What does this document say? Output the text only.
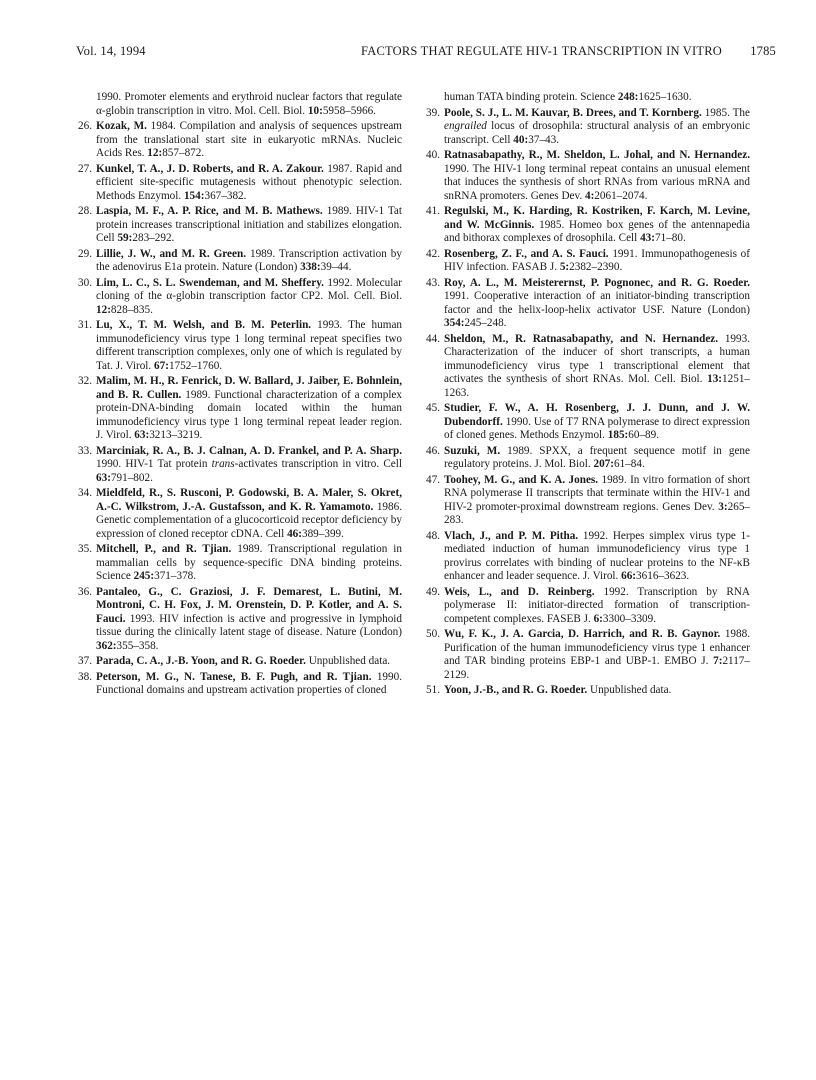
Vol. 14, 1994	FACTORS THAT REGULATE HIV-1 TRANSCRIPTION IN VITRO 1785
1990. Promoter elements and erythroid nuclear factors that regulate α-globin transcription in vitro. Mol. Cell. Biol. 10:5958–5966.
26. Kozak, M. 1984. Compilation and analysis of sequences upstream from the translational start site in eukaryotic mRNAs. Nucleic Acids Res. 12:857–872.
27. Kunkel, T. A., J. D. Roberts, and R. A. Zakour. 1987. Rapid and efficient site-specific mutagenesis without phenotypic selection. Methods Enzymol. 154:367–382.
28. Laspia, M. F., A. P. Rice, and M. B. Mathews. 1989. HIV-1 Tat protein increases transcriptional initiation and stabilizes elongation. Cell 59:283–292.
29. Lillie, J. W., and M. R. Green. 1989. Transcription activation by the adenovirus E1a protein. Nature (London) 338:39–44.
30. Lim, L. C., S. L. Swendeman, and M. Sheffery. 1992. Molecular cloning of the α-globin transcription factor CP2. Mol. Cell. Biol. 12:828–835.
31. Lu, X., T. M. Welsh, and B. M. Peterlin. 1993. The human immunodeficiency virus type 1 long terminal repeat specifies two different transcription complexes, only one of which is regulated by Tat. J. Virol. 67:1752–1760.
32. Malim, M. H., R. Fenrick, D. W. Ballard, J. Jaiber, E. Bohnlein, and B. R. Cullen. 1989. Functional characterization of a complex protein-DNA-binding domain located within the human immunodeficiency virus type 1 long terminal repeat leader region. J. Virol. 63:3213–3219.
33. Marciniak, R. A., B. J. Calnan, A. D. Frankel, and P. A. Sharp. 1990. HIV-1 Tat protein trans-activates transcription in vitro. Cell 63:791–802.
34. Mieldfeld, R., S. Rusconi, P. Godowski, B. A. Maler, S. Okret, A.-C. Wilkstrom, J.-A. Gustafsson, and K. R. Yamamoto. 1986. Genetic complementation of a glucocorticoid receptor deficiency by expression of cloned receptor cDNA. Cell 46:389–399.
35. Mitchell, P., and R. Tjian. 1989. Transcriptional regulation in mammalian cells by sequence-specific DNA binding proteins. Science 245:371–378.
36. Pantaleo, G., C. Graziosi, J. F. Demarest, L. Butini, M. Montroni, C. H. Fox, J. M. Orenstein, D. P. Kotler, and A. S. Fauci. 1993. HIV infection is active and progressive in lymphoid tissue during the clinically latent stage of disease. Nature (London) 362:355–358.
37. Parada, C. A., J.-B. Yoon, and R. G. Roeder. Unpublished data.
38. Peterson, M. G., N. Tanese, B. F. Pugh, and R. Tjian. 1990. Functional domains and upstream activation properties of cloned
human TATA binding protein. Science 248:1625–1630.
39. Poole, S. J., L. M. Kauvar, B. Drees, and T. Kornberg. 1985. The engrailed locus of drosophila: structural analysis of an embryonic transcript. Cell 40:37–43.
40. Ratnasabapathy, R., M. Sheldon, L. Johal, and N. Hernandez. 1990. The HIV-1 long terminal repeat contains an unusual element that induces the synthesis of short RNAs from various mRNA and snRNA promoters. Genes Dev. 4:2061–2074.
41. Regulski, M., K. Harding, R. Kostriken, F. Karch, M. Levine, and W. McGinnis. 1985. Homeo box genes of the antennapedia and bithorax complexes of drosophila. Cell 43:71–80.
42. Rosenberg, Z. F., and A. S. Fauci. 1991. Immunopathogenesis of HIV infection. FASAB J. 5:2382–2390.
43. Roy, A. L., M. Meisterernst, P. Pognonec, and R. G. Roeder. 1991. Cooperative interaction of an initiator-binding transcription factor and the helix-loop-helix activator USF. Nature (London) 354:245–248.
44. Sheldon, M., R. Ratnasabapathy, and N. Hernandez. 1993. Characterization of the inducer of short transcripts, a human immunodeficiency virus type 1 transcriptional element that activates the synthesis of short RNAs. Mol. Cell. Biol. 13:1251–1263.
45. Studier, F. W., A. H. Rosenberg, J. J. Dunn, and J. W. Dubendorff. 1990. Use of T7 RNA polymerase to direct expression of cloned genes. Methods Enzymol. 185:60–89.
46. Suzuki, M. 1989. SPXX, a frequent sequence motif in gene regulatory proteins. J. Mol. Biol. 207:61–84.
47. Toohey, M. G., and K. A. Jones. 1989. In vitro formation of short RNA polymerase II transcripts that terminate within the HIV-1 and HIV-2 promoter-proximal downstream regions. Genes Dev. 3:265–283.
48. Vlach, J., and P. M. Pitha. 1992. Herpes simplex virus type 1-mediated induction of human immunodeficiency virus type 1 provirus correlates with binding of nuclear proteins to the NF-κB enhancer and leader sequence. J. Virol. 66:3616–3623.
49. Weis, L., and D. Reinberg. 1992. Transcription by RNA polymerase II: initiator-directed formation of transcription-competent complexes. FASEB J. 6:3300–3309.
50. Wu, F. K., J. A. Garcia, D. Harrich, and R. B. Gaynor. 1988. Purification of the human immunodeficiency virus type 1 enhancer and TAR binding proteins EBP-1 and UBP-1. EMBO J. 7:2117–2129.
51. Yoon, J.-B., and R. G. Roeder. Unpublished data.
